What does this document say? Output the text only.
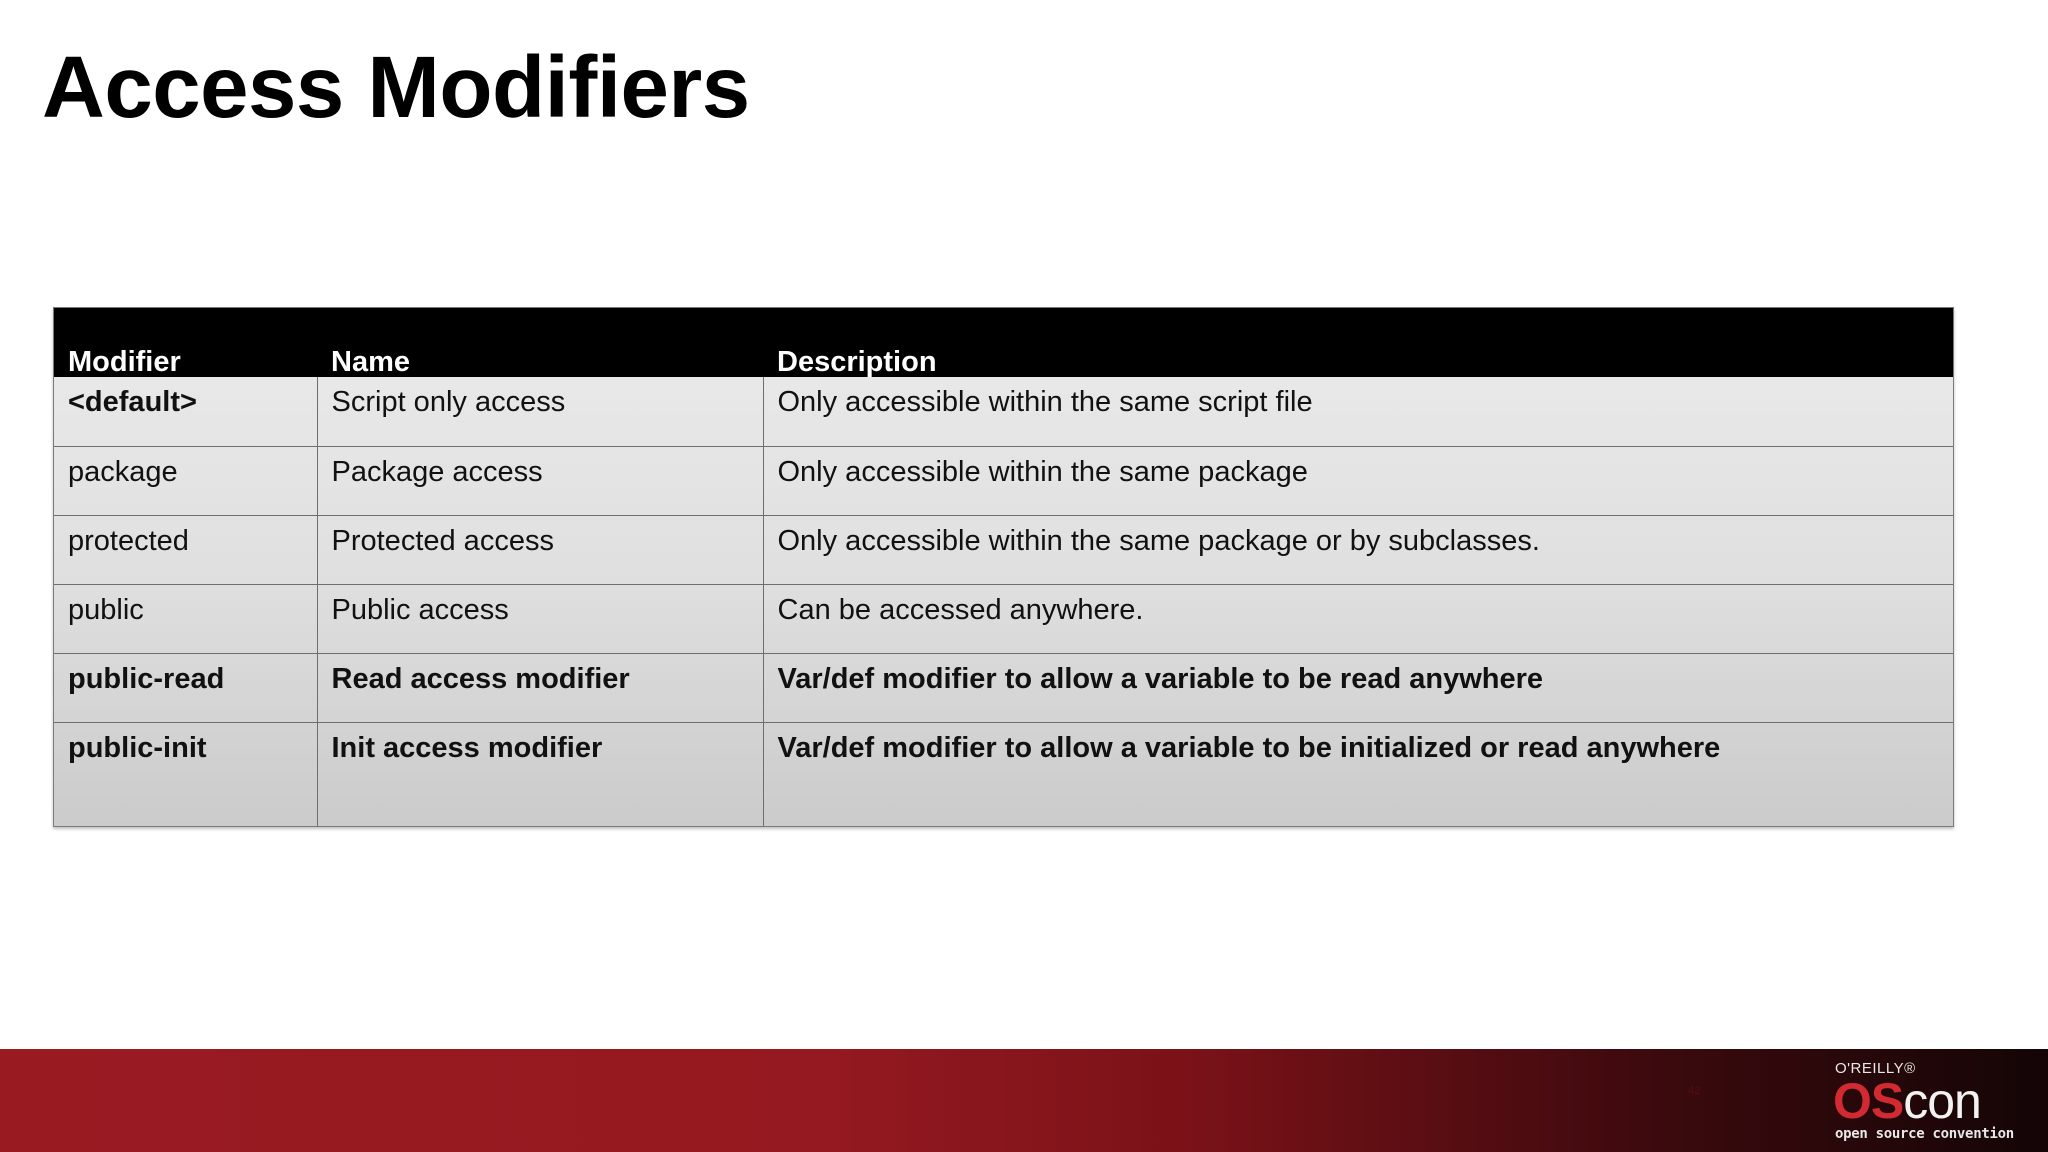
Access Modifiers
Modifier	Name	Description
<default>	Script only access	Only accessible within the same script file
package	Package access	Only accessible within the same package
protected	Protected access	Only accessible within the same package or by subclasses.
public	Public access	Can be accessed anywhere.
public-read	Read access modifier	Var/def modifier to allow a variable to be read anywhere
public-init	Init access modifier	Var/def modifier to allow a variable to be initialized or read anywhere
42
O'REILLY®
OScon
open source convention
